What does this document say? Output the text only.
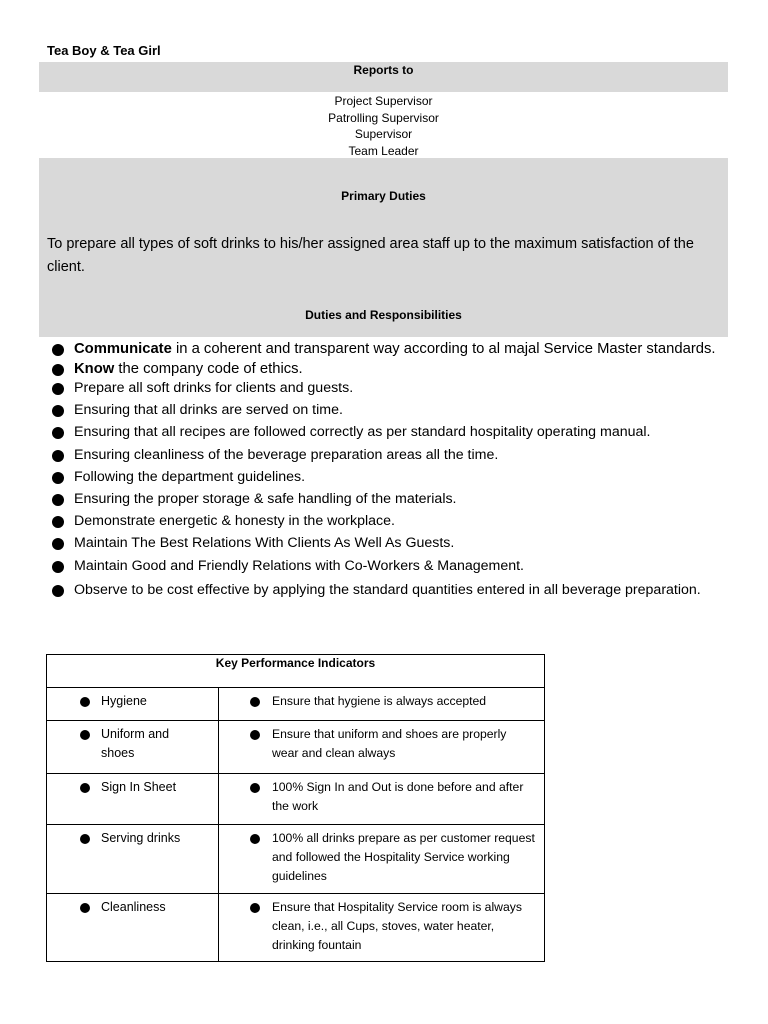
Tea Boy & Tea Girl
Reports to
Project Supervisor
Patrolling Supervisor
Supervisor
Team Leader
Primary Duties
To prepare all types of soft drinks to his/her assigned area staff up to the maximum satisfaction of the client.
Duties and Responsibilities
Communicate in a coherent and transparent way according to al majal Service Master standards.
Know the company code of ethics.
Prepare all soft drinks for clients and guests.
Ensuring that all drinks are served on time.
Ensuring that all recipes are followed correctly as per standard hospitality operating manual.
Ensuring cleanliness of the beverage preparation areas all the time.
Following the department guidelines.
Ensuring the proper storage & safe handling of the materials.
Demonstrate energetic & honesty in the workplace.
Maintain The Best Relations With Clients As Well As Guests.
Maintain Good and Friendly Relations with Co-Workers & Management.
Observe to be cost effective by applying the standard quantities entered in all beverage preparation.
Key Performance Indicators	

Hygiene	Ensure that hygiene is always accepted

Uniform and shoes	Ensure that uniform and shoes are properly wear and clean always

Sign In Sheet	100% Sign In and Out is done before and after the work

Serving drinks	100% all drinks prepare as per customer request and followed the Hospitality Service working guidelines

Cleanliness	Ensure that Hospitality Service room is always clean, i.e., all Cups, stoves, water heater, drinking fountain
